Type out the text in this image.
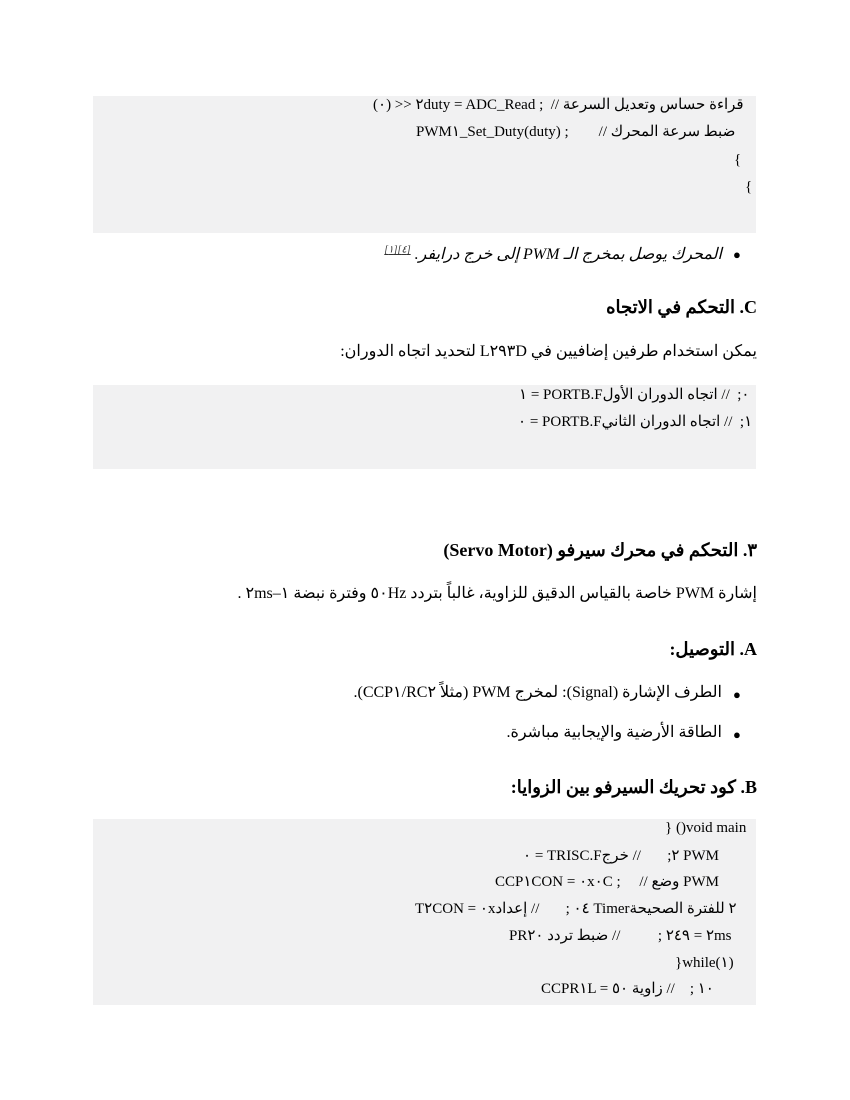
٢ << (٠)duty = ADC_Read ;  // قراءة حساس وتعديل السرعة
PWM١_Set_Duty(duty) ;        // ضبط سرعة المحرك
{
{
●
المحرك يوصل بمخرج الـ PWM إلى خرج درايفر. [٤][١]
C. التحكم في الاتجاه
يمكن استخدام طرفين إضافيين في L٢٩٣D لتحديد اتجاه الدوران:
١ = PORTB.F٠;  // اتجاه الدوران الأول
٠ = PORTB.F١;  // اتجاه الدوران الثاني
٣. التحكم في محرك سيرفو (Servo Motor)
إشارة PWM خاصة بالقياس الدقيق للزاوية، غالباً بتردد ٥٠Hz وفترة نبضة ١–٢ms .
A. التوصيل:
●
الطرف الإشارة (Signal): لمخرج PWM (مثلاً RC٢/CCP١).
●
الطاقة الأرضية والإيجابية مباشرة.
B. كود تحريك السيرفو بين الزوايا:
} ()void main
٠ = TRISC.F٢;       // خرج PWM
CCP١CON = ٠x٠C ;     // وضع PWM
T٢CON = ٠x٠٤ ;       // إعداد Timer٢ للفترة الصحيحة
PR٢ = ٢٤٩ ;          // ضبط تردد ٢٠ms
}while(١)
CCPR١L = ١٠ ;    // زاوية ٥٠
